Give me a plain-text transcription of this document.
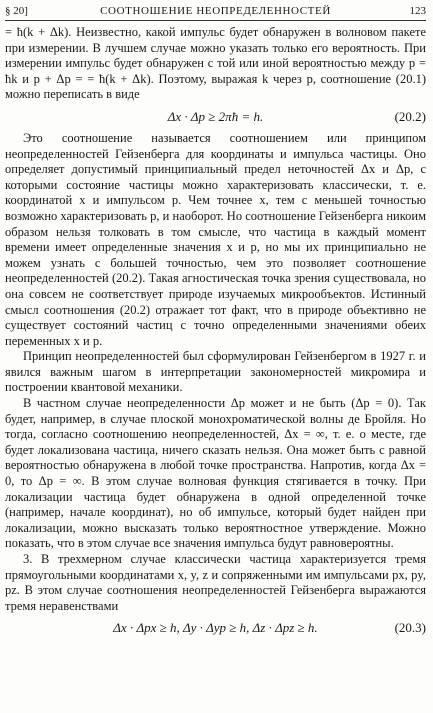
§ 20]	СООТНОШЕНИЕ НЕОПРЕДЕЛЕННОСТЕЙ	123

= ħ(k + Δk). Неизвестно, какой импульс будет обнаружен в волновом пакете при измерении. В лучшем случае можно указать только его вероятность. При измерении импульс будет обнаружен с той или иной вероятностью между p = ħk и p + Δp = = ħ(k + Δk). Поэтому, выражая k через p, соотношение (20.1) можно переписать в виде

Δx · Δp ≥ 2πħ = h.	(20.2)

Это соотношение называется соотношением или принципом неопределенностей Гейзенберга для координаты и импульса частицы. Оно определяет допустимый принципиальный предел неточностей Δx и Δp, с которыми состояние частицы можно характеризовать классически, т. е. координатой x и импульсом p. Чем точнее x, тем с меньшей точностью возможно характеризовать p, и наоборот. Но соотношение Гейзенберга никоим образом нельзя толковать в том смысле, что частица в каждый момент времени имеет определенные значения x и p, но мы их принципиально не можем узнать с большей точностью, чем это позволяет соотношение неопределенностей (20.2). Такая агностическая точка зрения существовала, но она совсем не соответствует природе изучаемых микрообъектов. Истинный смысл соотношения (20.2) отражает тот факт, что в природе объективно не существует состояний частиц с точно определенными значениями обеих переменных x и p.

Принцип неопределенностей был сформулирован Гейзенбергом в 1927 г. и явился важным шагом в интерпретации закономерностей микромира и построении квантовой механики.

В частном случае неопределенности Δp может и не быть (Δp = 0). Так будет, например, в случае плоской монохроматической волны де Бройля. Но тогда, согласно соотношению неопределенностей, Δx = ∞, т. е. о месте, где будет локализована частица, ничего сказать нельзя. Она может быть с равной вероятностью обнаружена в любой точке пространства. Напротив, когда Δx = 0, то Δp = ∞. В этом случае волновая функция стягивается в точку. При локализации частица будет обнаружена в одной определенной точке (например, начале координат), но об импульсе, который будет найден при локализации, можно высказать только вероятностное утверждение. Можно показать, что в этом случае все значения импульса будут равновероятны.

3. В трехмерном случае классически частица характеризуется тремя прямоугольными координатами x, y, z и сопряженными им импульсами px, py, pz. В этом случае соотношения неопределенностей Гейзенберга выражаются тремя неравенствами

Δx · Δpx ≥ h, Δy · Δyp ≥ h, Δz · Δpz ≥ h.	(20.3)
